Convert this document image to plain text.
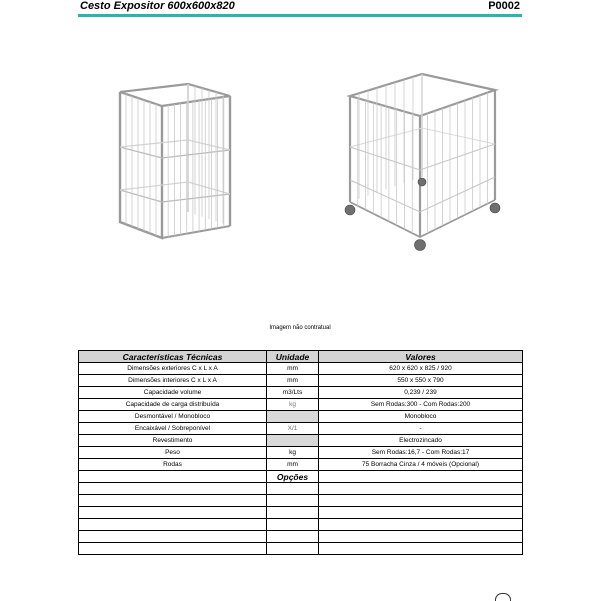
Cesto Expositor 600x600x820	P0002
Imagem não contratual
Características Técnicas	Unidade	Valores
Dimensões exteriores C x L x A	mm	620 x 620 x 825 / 920
Dimensões interiores C x L x A	mm	550 x 550 x 790
Capacidade volume	m3/Lts	0,239 / 239
Capacidade de carga distribuída	kg	Sem Rodas:300 - Com Rodas:200
Desmontável / Monobloco		Monobloco
Encaixável / Sobreponível	X/1	-
Revestimento		Electrozincado
Peso	kg	Sem Rodas:16,7 - Com Rodas:17
Rodas	mm	75 Borracha Cinza / 4 móveis (Opcional)
	Opções	
